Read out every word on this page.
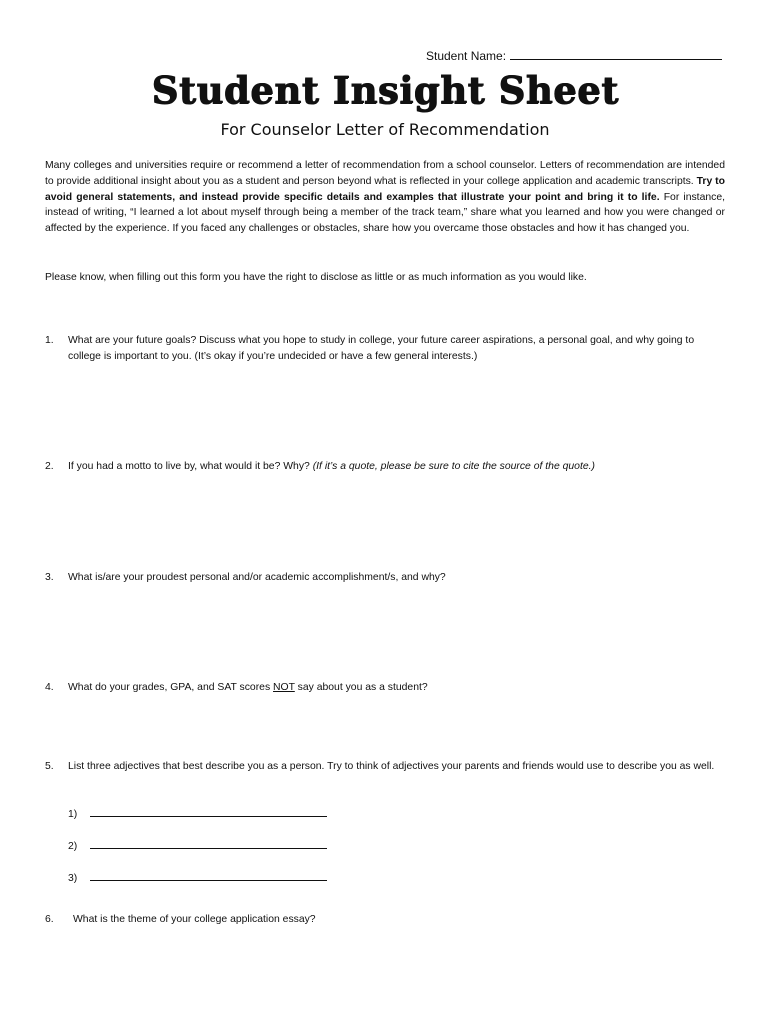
Student Name:
Student Insight Sheet
For Counselor Letter of Recommendation
Many colleges and universities require or recommend a letter of recommendation from a school counselor. Letters of recommendation are intended to provide additional insight about you as a student and person beyond what is reflected in your college application and academic transcripts. Try to avoid general statements, and instead provide specific details and examples that illustrate your point and bring it to life. For instance, instead of writing, “I learned a lot about myself through being a member of the track team,” share what you learned and how you were changed or affected by the experience. If you faced any challenges or obstacles, share how you overcame those obstacles and how it has changed you.
Please know, when filling out this form you have the right to disclose as little or as much information as you would like.
1. What are your future goals? Discuss what you hope to study in college, your future career aspirations, a personal goal, and why going to college is important to you. (It’s okay if you’re undecided or have a few general interests.)
2. If you had a motto to live by, what would it be? Why? (If it’s a quote, please be sure to cite the source of the quote.)
3. What is/are your proudest personal and/or academic accomplishment/s, and why?
4. What do your grades, GPA, and SAT scores NOT say about you as a student?
5. List three adjectives that best describe you as a person. Try to think of adjectives your parents and friends would use to describe you as well.
1)
2)
3)
6. What is the theme of your college application essay?
